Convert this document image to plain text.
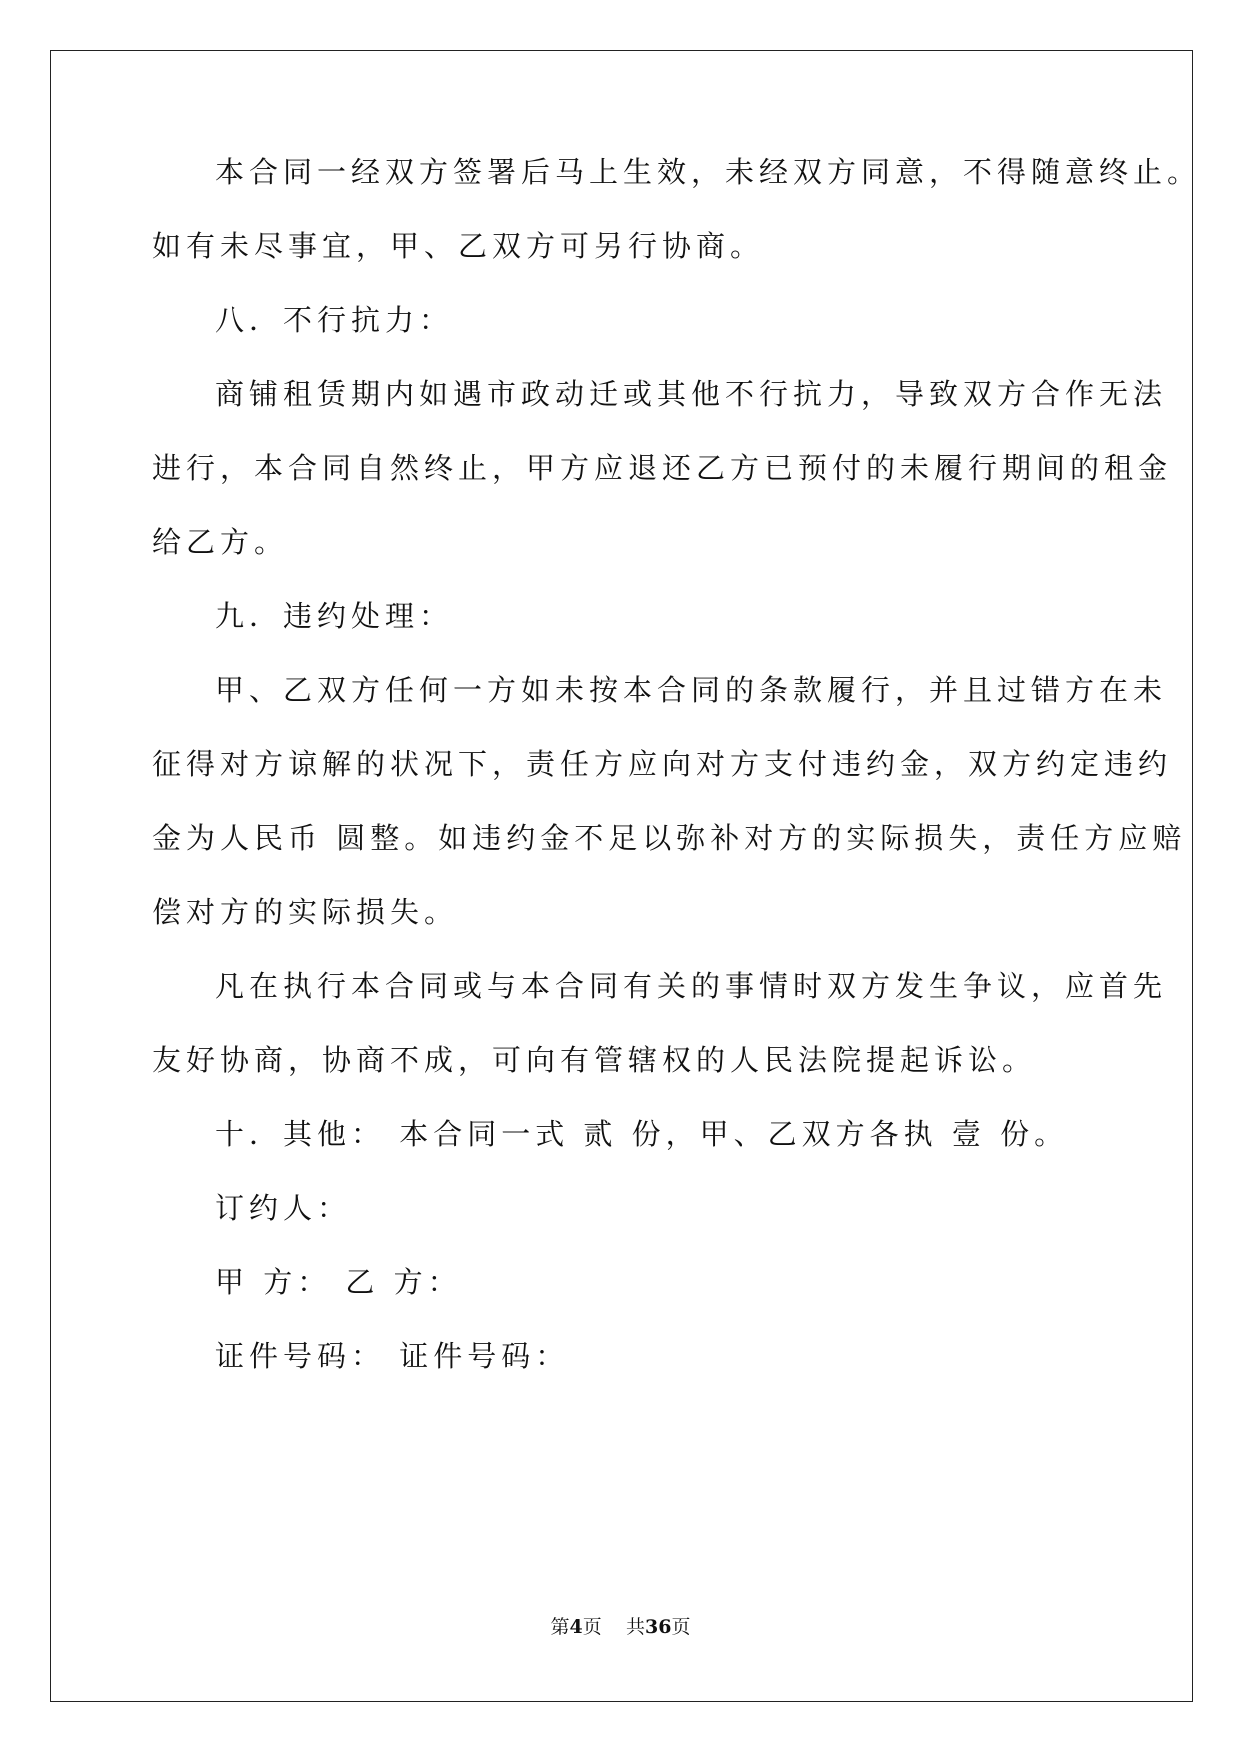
本合同一经双方签署后马上生效，未经双方同意，不得随意终止。
如有未尽事宜，甲、乙双方可另行协商。
八．不行抗力：
商铺租赁期内如遇市政动迁或其他不行抗力，导致双方合作无法
进行，本合同自然终止，甲方应退还乙方已预付的未履行期间的租金
给乙方。
九．违约处理：
甲、乙双方任何一方如未按本合同的条款履行，并且过错方在未
征得对方谅解的状况下，责任方应向对方支付违约金，双方约定违约
金为人民币 圆整。如违约金不足以弥补对方的实际损失，责任方应赔
偿对方的实际损失。
凡在执行本合同或与本合同有关的事情时双方发生争议，应首先
友好协商，协商不成，可向有管辖权的人民法院提起诉讼。
十．其他： 本合同一式 贰 份，甲、乙双方各执 壹 份。
订约人：
甲 方： 乙 方：
证件号码： 证件号码：
第4页 共36页
